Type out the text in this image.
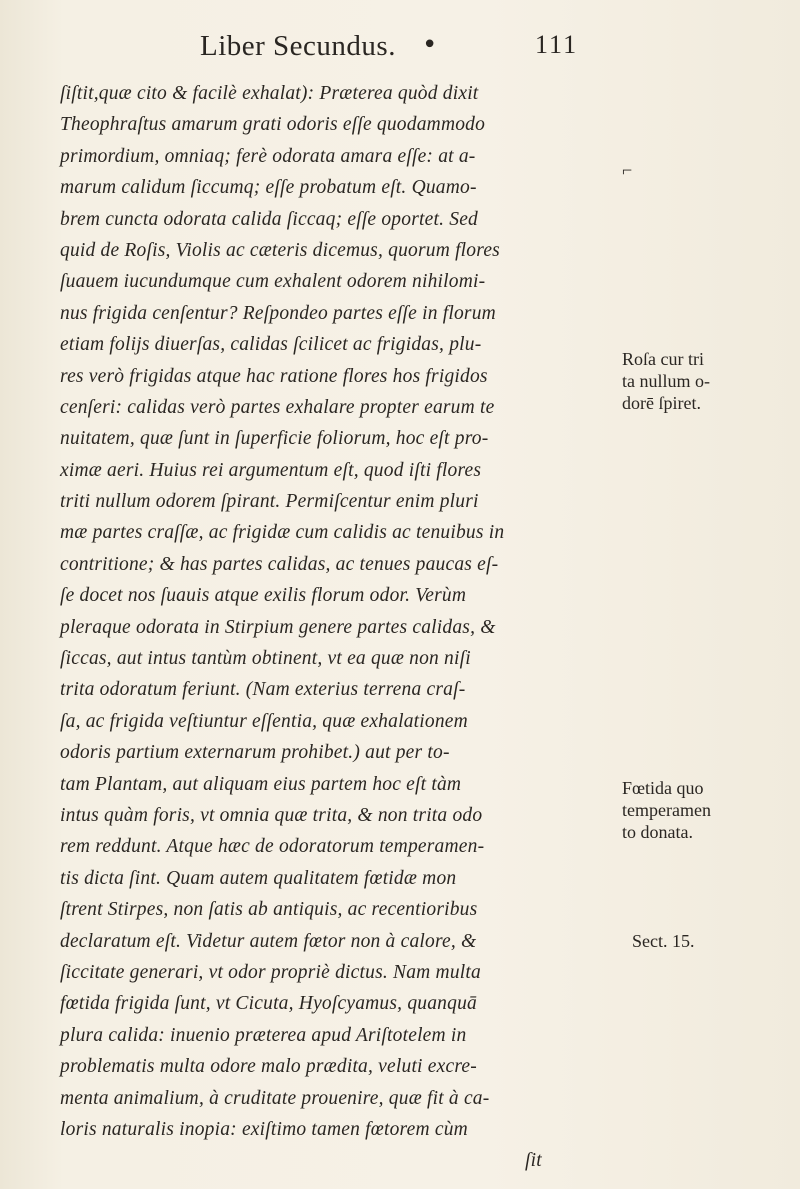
Liber Secundus. •	111
ſiſtit,quæ cito & facilè exhalat): Præterea quòd dixit
Theophraſtus amarum grati odoris eſſe quodammodo
primordium, omniaq; ferè odorata amara eſſe: at a-
marum calidum ſiccumq; eſſe probatum eſt. Quamo-
brem cuncta odorata calida ſiccaq; eſſe oportet. Sed
quid de Roſis, Violis ac cæteris dicemus, quorum flores
ſuauem iucundumque cum exhalent odorem nihilomi-
nus frigida cenſentur? Reſpondeo partes eſſe in florum
etiam folijs diuerſas, calidas ſcilicet ac frigidas, plu-
res verò frigidas atque hac ratione flores hos frigidos
cenſeri: calidas verò partes exhalare propter earum te
nuitatem, quæ ſunt in ſuperficie foliorum, hoc eſt pro-
ximæ aeri. Huius rei argumentum eſt, quod iſti flores
triti nullum odorem ſpirant. Permiſcentur enim pluri
mæ partes craſſæ, ac frigidæ cum calidis ac tenuibus in
contritione; & has partes calidas, ac tenues paucas eſ-
ſe docet nos ſuauis atque exilis florum odor. Verùm
pleraque odorata in Stirpium genere partes calidas, &
ſiccas, aut intus tantùm obtinent, vt ea quæ non niſi
trita odoratum feriunt. (Nam exterius terrena craſ-
ſa, ac frigida veſtiuntur eſſentia, quæ exhalationem
odoris partium externarum prohibet.) aut per to-
tam Plantam, aut aliquam eius partem hoc eſt tàm
intus quàm foris, vt omnia quæ trita, & non trita odo
rem reddunt. Atque hæc de odoratorum temperamen-
tis dicta ſint. Quam autem qualitatem fœtidæ mon
ſtrent Stirpes, non ſatis ab antiquis, ac recentioribus
declaratum eſt. Videtur autem fœtor non à calore, &
ſiccitate generari, vt odor propriè dictus. Nam multa
fœtida frigida ſunt, vt Cicuta, Hyoſcyamus, quanquā
plura calida: inuenio præterea apud Ariſtotelem in
problematis multa odore malo prædita, veluti excre-
menta animalium, à cruditate prouenire, quæ fit à ca-
loris naturalis inopia: exiſtimo tamen fœtorem cùm
ſit
⌐
Roſa cur tri
ta nullum o-
dorē ſpiret.
Fœtida quo
temperamen
to donata.
Sect. 15.
